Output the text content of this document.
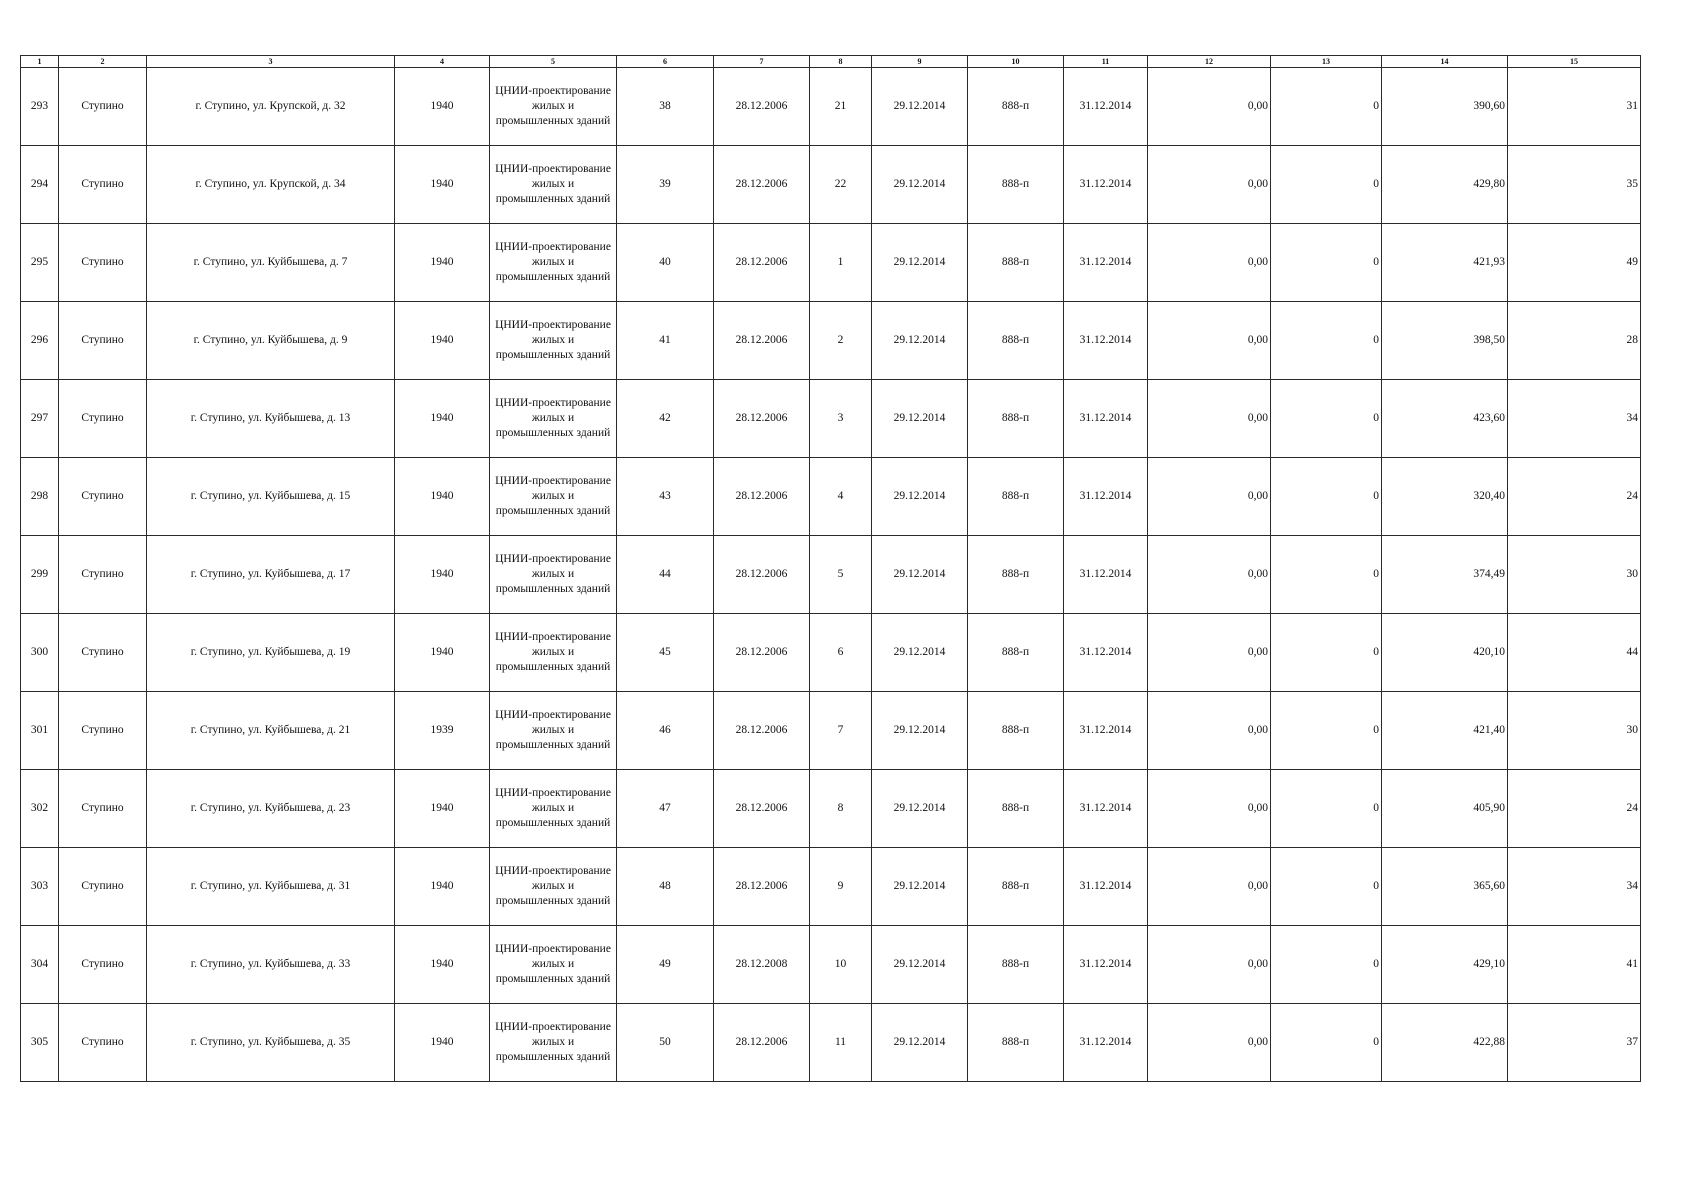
1	2	3	4	5	6	7	8	9	10	11	12	13	14	15
293	Ступино	г. Ступино, ул. Крупской, д. 32	1940	ЦНИИ-проектирование жилых и промышленных зданий	38	28.12.2006	21	29.12.2014	888-п	31.12.2014	0,00	0	390,60	31
294	Ступино	г. Ступино, ул. Крупской, д. 34	1940	ЦНИИ-проектирование жилых и промышленных зданий	39	28.12.2006	22	29.12.2014	888-п	31.12.2014	0,00	0	429,80	35
295	Ступино	г. Ступино, ул. Куйбышева, д. 7	1940	ЦНИИ-проектирование жилых и промышленных зданий	40	28.12.2006	1	29.12.2014	888-п	31.12.2014	0,00	0	421,93	49
296	Ступино	г. Ступино, ул. Куйбышева, д. 9	1940	ЦНИИ-проектирование жилых и промышленных зданий	41	28.12.2006	2	29.12.2014	888-п	31.12.2014	0,00	0	398,50	28
297	Ступино	г. Ступино, ул. Куйбышева, д. 13	1940	ЦНИИ-проектирование жилых и промышленных зданий	42	28.12.2006	3	29.12.2014	888-п	31.12.2014	0,00	0	423,60	34
298	Ступино	г. Ступино, ул. Куйбышева, д. 15	1940	ЦНИИ-проектирование жилых и промышленных зданий	43	28.12.2006	4	29.12.2014	888-п	31.12.2014	0,00	0	320,40	24
299	Ступино	г. Ступино, ул. Куйбышева, д. 17	1940	ЦНИИ-проектирование жилых и промышленных зданий	44	28.12.2006	5	29.12.2014	888-п	31.12.2014	0,00	0	374,49	30
300	Ступино	г. Ступино, ул. Куйбышева, д. 19	1940	ЦНИИ-проектирование жилых и промышленных зданий	45	28.12.2006	6	29.12.2014	888-п	31.12.2014	0,00	0	420,10	44
301	Ступино	г. Ступино, ул. Куйбышева, д. 21	1939	ЦНИИ-проектирование жилых и промышленных зданий	46	28.12.2006	7	29.12.2014	888-п	31.12.2014	0,00	0	421,40	30
302	Ступино	г. Ступино, ул. Куйбышева, д. 23	1940	ЦНИИ-проектирование жилых и промышленных зданий	47	28.12.2006	8	29.12.2014	888-п	31.12.2014	0,00	0	405,90	24
303	Ступино	г. Ступино, ул. Куйбышева, д. 31	1940	ЦНИИ-проектирование жилых и промышленных зданий	48	28.12.2006	9	29.12.2014	888-п	31.12.2014	0,00	0	365,60	34
304	Ступино	г. Ступино, ул. Куйбышева, д. 33	1940	ЦНИИ-проектирование жилых и промышленных зданий	49	28.12.2008	10	29.12.2014	888-п	31.12.2014	0,00	0	429,10	41
305	Ступино	г. Ступино, ул. Куйбышева, д. 35	1940	ЦНИИ-проектирование жилых и промышленных зданий	50	28.12.2006	11	29.12.2014	888-п	31.12.2014	0,00	0	422,88	37
